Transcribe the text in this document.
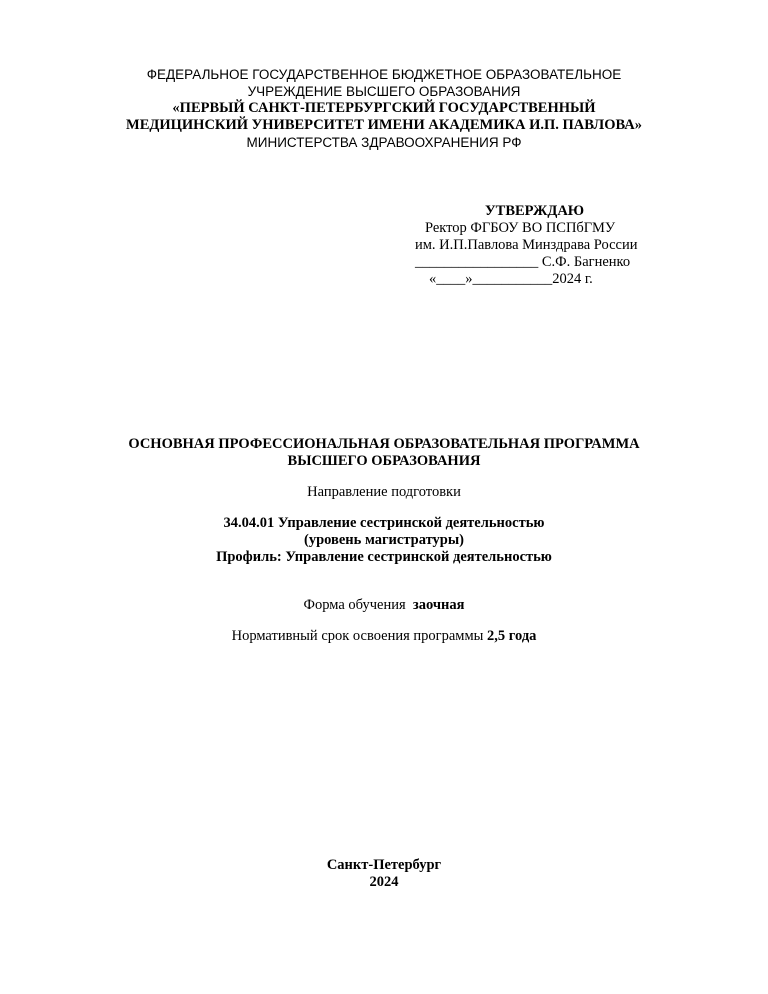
ФЕДЕРАЛЬНОЕ ГОСУДАРСТВЕННОЕ БЮДЖЕТНОЕ ОБРАЗОВАТЕЛЬНОЕ
УЧРЕЖДЕНИЕ ВЫСШЕГО ОБРАЗОВАНИЯ
«ПЕРВЫЙ САНКТ-ПЕТЕРБУРГСКИЙ ГОСУДАРСТВЕННЫЙ
МЕДИЦИНСКИЙ УНИВЕРСИТЕТ ИМЕНИ АКАДЕМИКА И.П. ПАВЛОВА»
МИНИСТЕРСТВА ЗДРАВООХРАНЕНИЯ РФ
УТВЕРЖДАЮ
Ректор ФГБОУ ВО ПСПбГМУ
им. И.П.Павлова Минздрава России
_________________ С.Ф. Багненко
«____»___________2024 г.
ОСНОВНАЯ ПРОФЕССИОНАЛЬНАЯ ОБРАЗОВАТЕЛЬНАЯ ПРОГРАММА
ВЫСШЕГО ОБРАЗОВАНИЯ
Направление подготовки
34.04.01 Управление сестринской деятельностью
(уровень магистратуры)
Профиль: Управление сестринской деятельностью
Форма обучения заочная
Нормативный срок освоения программы 2,5 года
Санкт-Петербург
2024
